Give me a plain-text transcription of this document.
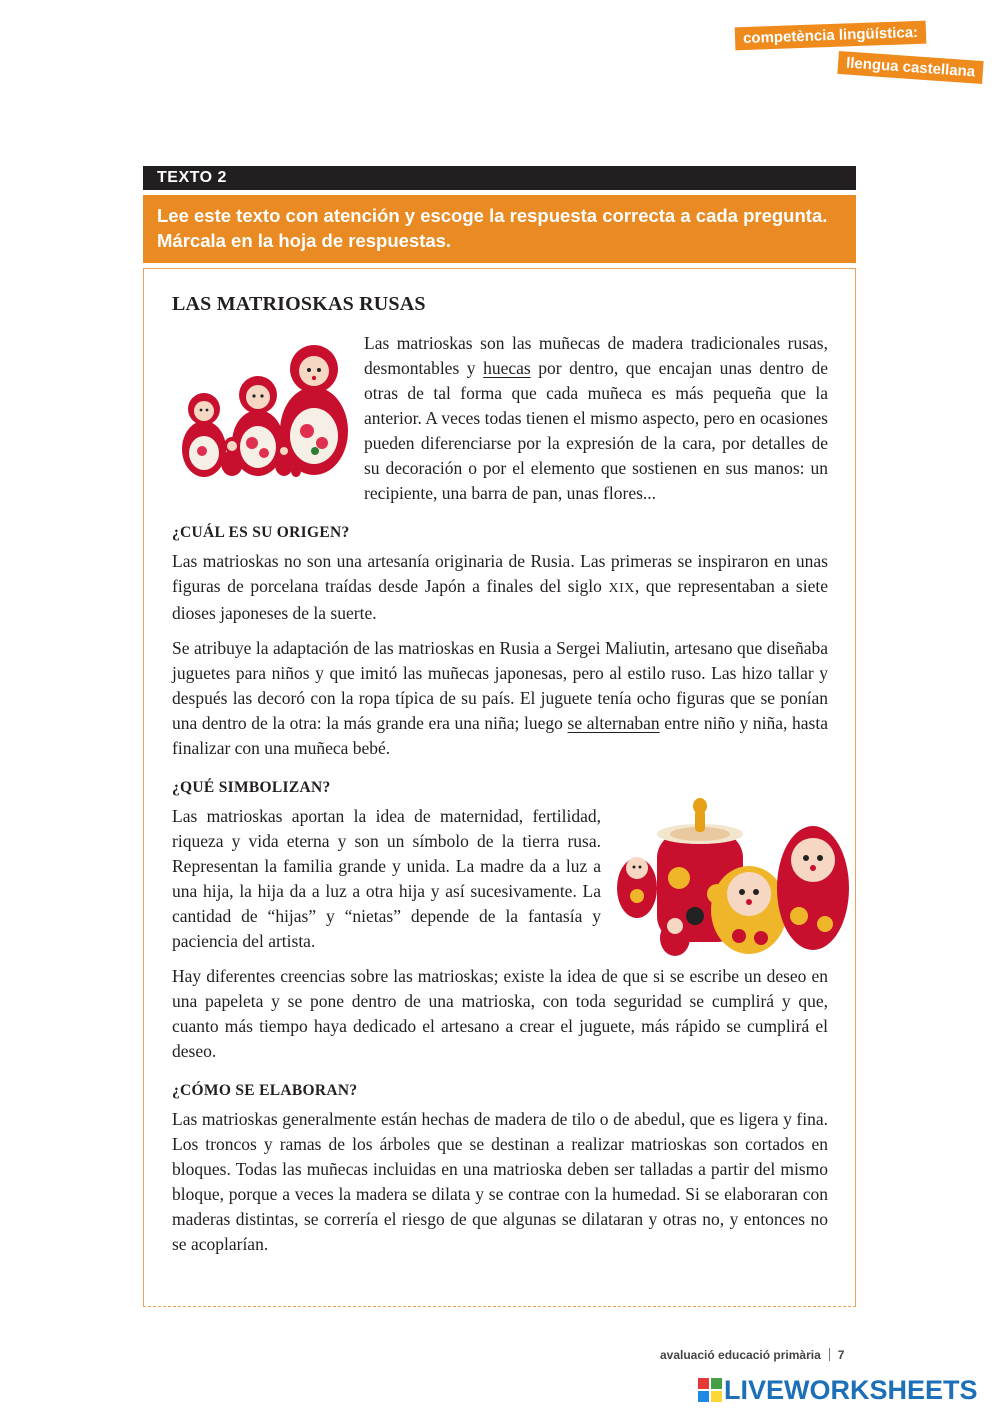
competència lingüística:
llengua castellana
TEXTO 2
Lee este texto con atención y escoge la respuesta correcta a cada pregunta. Márcala en la hoja de respuestas.
LAS MATRIOSKAS RUSAS

Las matrioskas son las muñecas de madera tradicionales rusas, desmontables y huecas por dentro, que encajan unas dentro de otras de tal forma que cada muñeca es más pequeña que la anterior. A veces todas tienen el mismo aspecto, pero en ocasiones pueden diferenciarse por la expresión de la cara, por detalles de su decoración o por el elemento que sostienen en sus manos: un recipiente, una barra de pan, unas flores...

¿CUÁL ES SU ORIGEN?

Las matrioskas no son una artesanía originaria de Rusia. Las primeras se inspiraron en unas figuras de porcelana traídas desde Japón a finales del siglo XIX, que representaban a siete dioses japoneses de la suerte.

Se atribuye la adaptación de las matrioskas en Rusia a Sergei Maliutin, artesano que diseñaba juguetes para niños y que imitó las muñecas japonesas, pero al estilo ruso. Las hizo tallar y después las decoró con la ropa típica de su país. El juguete tenía ocho figuras que se ponían una dentro de la otra: la más grande era una niña; luego se alternaban entre niño y niña, hasta finalizar con una muñeca bebé.

¿QUÉ SIMBOLIZAN?

Las matrioskas aportan la idea de maternidad, fertilidad, riqueza y vida eterna y son un símbolo de la tierra rusa. Representan la familia grande y unida. La madre da a luz a una hija, la hija da a luz a otra hija y así sucesivamente. La cantidad de “hijas” y “nietas” depende de la fantasía y paciencia del artista.

Hay diferentes creencias sobre las matrioskas; existe la idea de que si se escribe un deseo en una papeleta y se pone dentro de una matrioska, con toda seguridad se cumplirá y que, cuanto más tiempo haya dedicado el artesano a crear el juguete, más rápido se cumplirá el deseo.

¿CÓMO SE ELABORAN?

Las matrioskas generalmente están hechas de madera de tilo o de abedul, que es ligera y fina. Los troncos y ramas de los árboles que se destinan a realizar matrioskas son cortados en bloques. Todas las muñecas incluidas en una matrioska deben ser talladas a partir del mismo bloque, porque a veces la madera se dilata y se contrae con la humedad. Si se elaboraran con maderas distintas, se correría el riesgo de que algunas se dilataran y otras no, y entonces no se acoplarían.

avaluació educació primària 7
LIVEWORKSHEETS
